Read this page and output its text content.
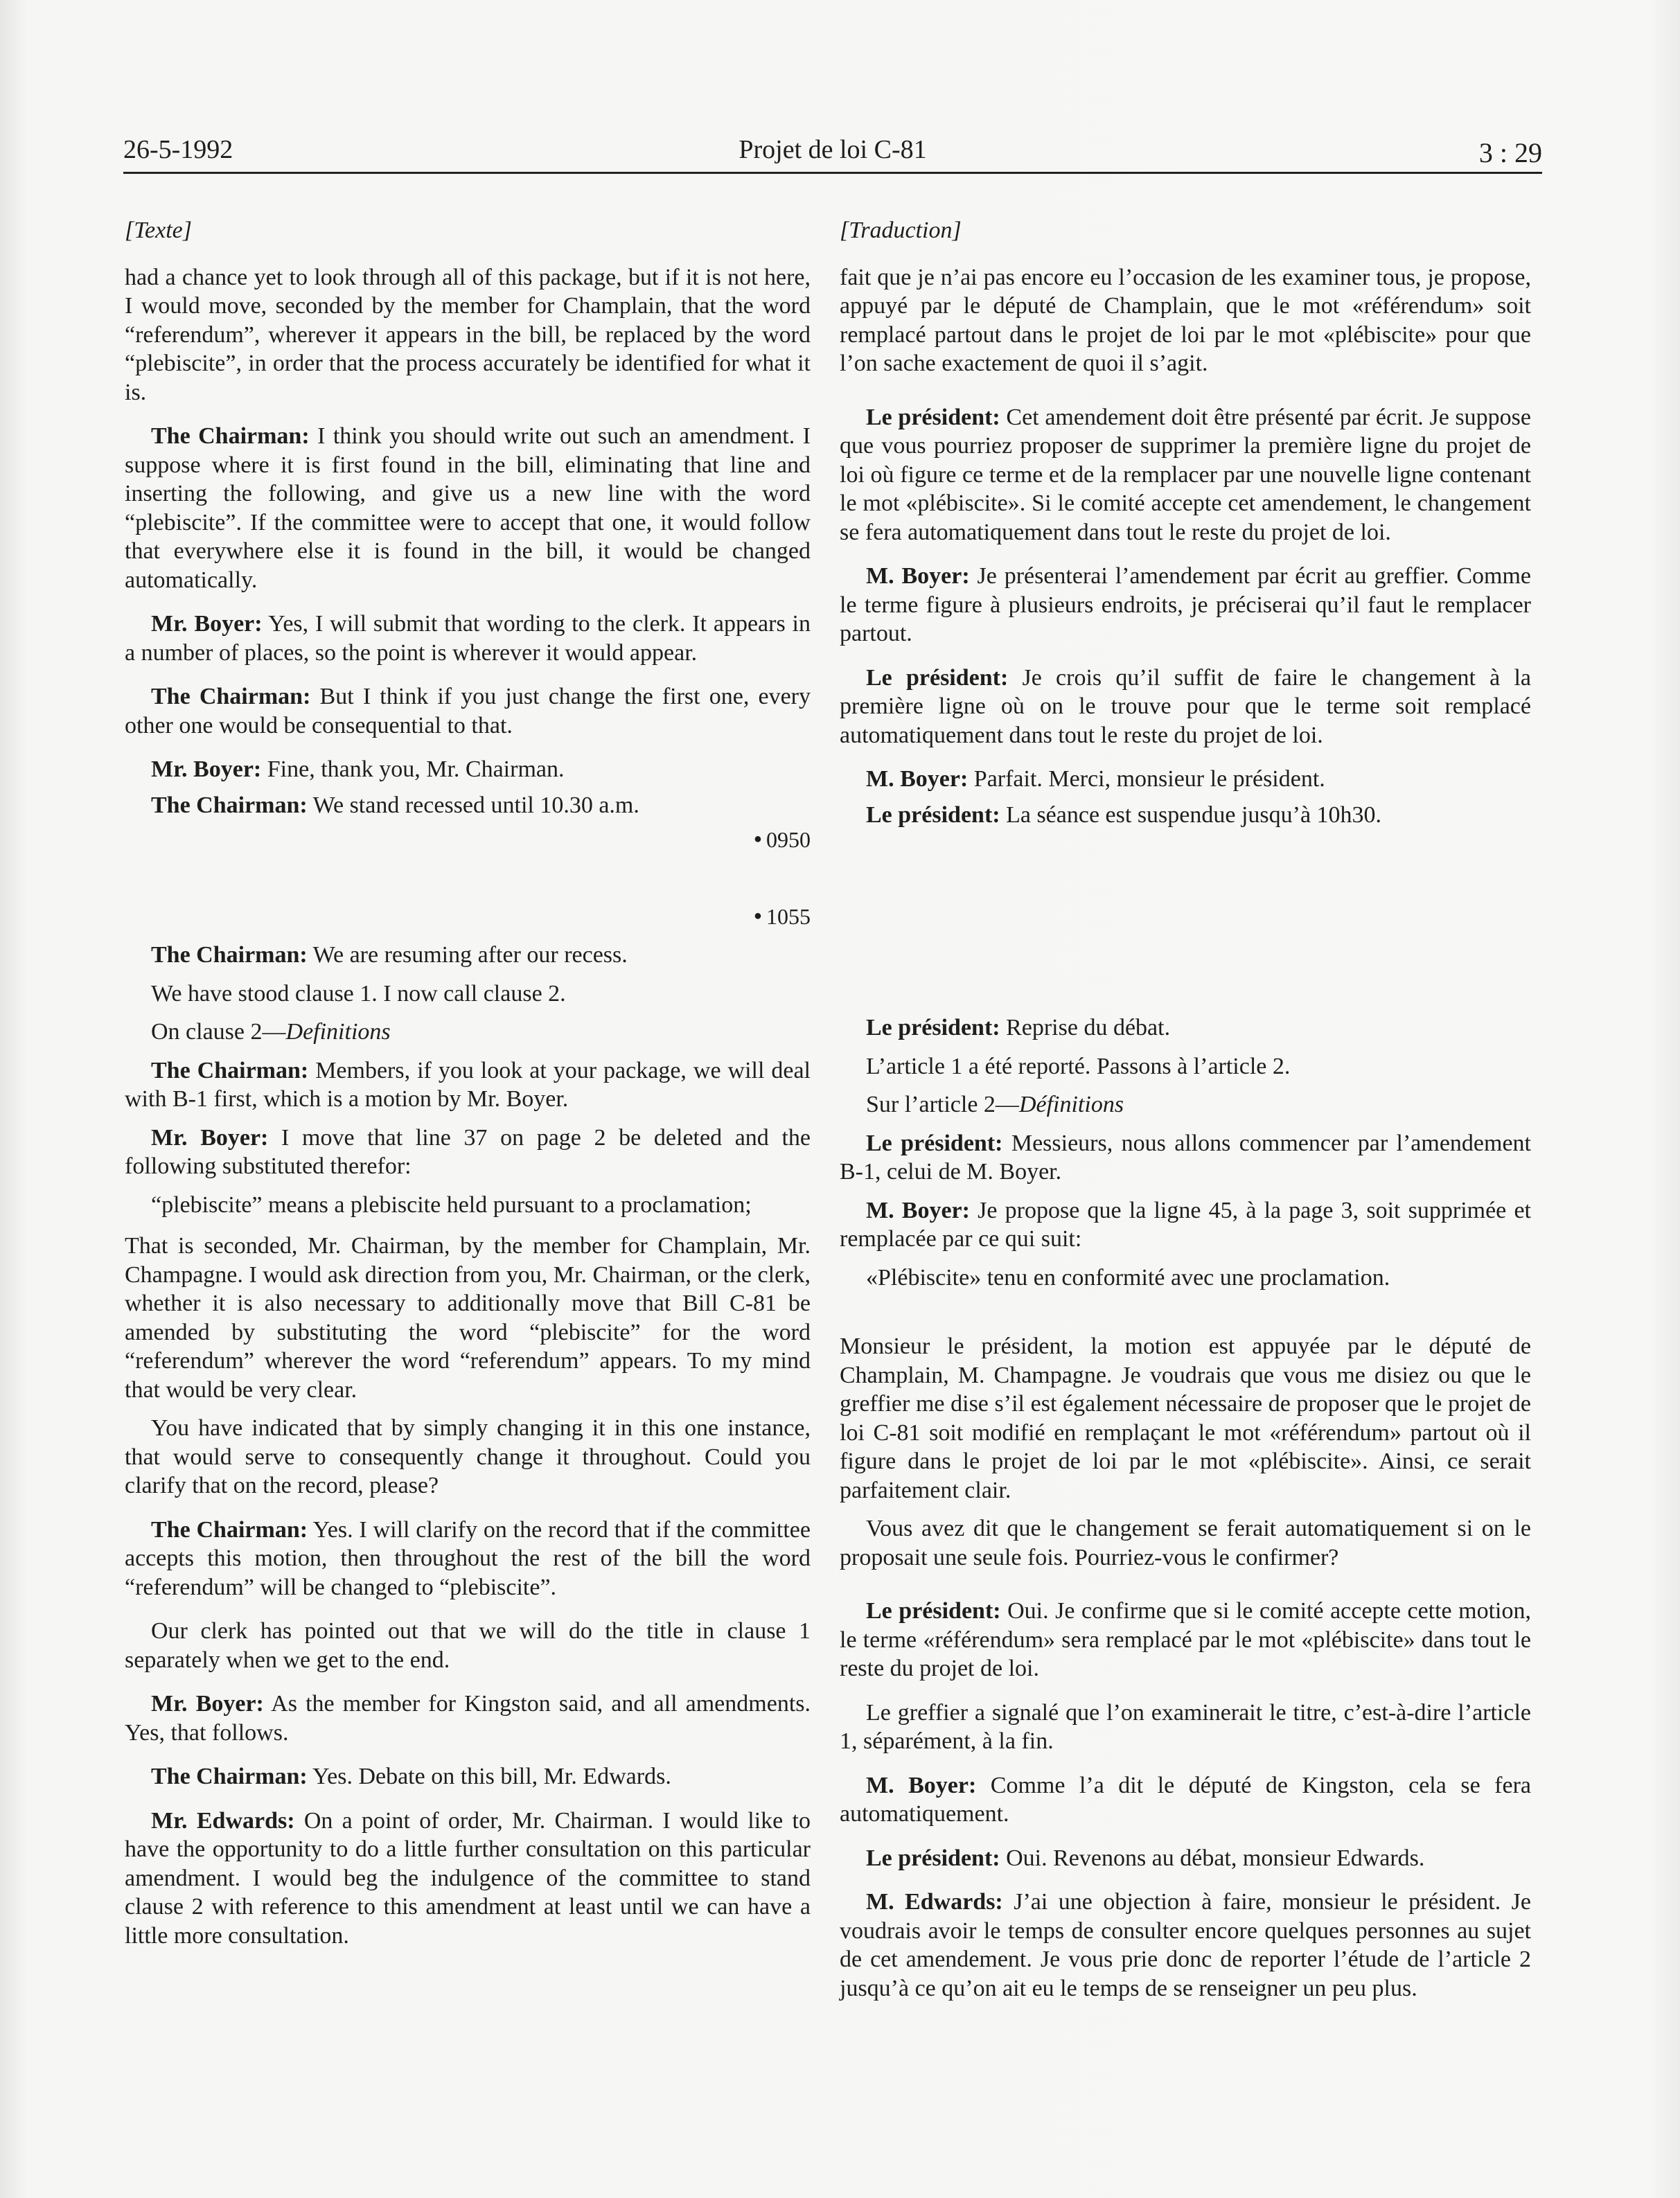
26-5-1992	Projet de loi C-81	3 : 29
[Texte]

had a chance yet to look through all of this package, but if it is not here, I would move, seconded by the member for Champlain, that the word “referendum”, wherever it appears in the bill, be replaced by the word “plebiscite”, in order that the process accurately be identified for what it is.

The Chairman: I think you should write out such an amendment. I suppose where it is first found in the bill, eliminating that line and inserting the following, and give us a new line with the word “plebiscite”. If the committee were to accept that one, it would follow that everywhere else it is found in the bill, it would be changed automatically.

Mr. Boyer: Yes, I will submit that wording to the clerk. It appears in a number of places, so the point is wherever it would appear.

The Chairman: But I think if you just change the first one, every other one would be consequential to that.

Mr. Boyer: Fine, thank you, Mr. Chairman.

The Chairman: We stand recessed until 10.30 a.m.

● 0950
● 1055

The Chairman: We are resuming after our recess.

We have stood clause 1. I now call clause 2.

On clause 2—Definitions

The Chairman: Members, if you look at your package, we will deal with B-1 first, which is a motion by Mr. Boyer.

Mr. Boyer: I move that line 37 on page 2 be deleted and the following substituted therefor:

“plebiscite” means a plebiscite held pursuant to a proclamation;

That is seconded, Mr. Chairman, by the member for Champlain, Mr. Champagne. I would ask direction from you, Mr. Chairman, or the clerk, whether it is also necessary to additionally move that Bill C-81 be amended by substituting the word “plebiscite” for the word “referendum” wherever the word “referendum” appears. To my mind that would be very clear.

You have indicated that by simply changing it in this one instance, that would serve to consequently change it throughout. Could you clarify that on the record, please?

The Chairman: Yes. I will clarify on the record that if the committee accepts this motion, then throughout the rest of the bill the word “referendum” will be changed to “plebiscite”.

Our clerk has pointed out that we will do the title in clause 1 separately when we get to the end.

Mr. Boyer: As the member for Kingston said, and all amendments. Yes, that follows.

The Chairman: Yes. Debate on this bill, Mr. Edwards.

Mr. Edwards: On a point of order, Mr. Chairman. I would like to have the opportunity to do a little further consultation on this particular amendment. I would beg the indulgence of the committee to stand clause 2 with reference to this amendment at least until we can have a little more consultation.

[Traduction]

fait que je n’ai pas encore eu l’occasion de les examiner tous, je propose, appuyé par le député de Champlain, que le mot «référendum» soit remplacé partout dans le projet de loi par le mot «plébiscite» pour que l’on sache exactement de quoi il s’agit.

Le président: Cet amendement doit être présenté par écrit. Je suppose que vous pourriez proposer de supprimer la première ligne du projet de loi où figure ce terme et de la remplacer par une nouvelle ligne contenant le mot «plébiscite». Si le comité accepte cet amendement, le changement se fera automatiquement dans tout le reste du projet de loi.

M. Boyer: Je présenterai l’amendement par écrit au greffier. Comme le terme figure à plusieurs endroits, je préciserai qu’il faut le remplacer partout.

Le président: Je crois qu’il suffit de faire le changement à la première ligne où on le trouve pour que le terme soit remplacé automatiquement dans tout le reste du projet de loi.

M. Boyer: Parfait. Merci, monsieur le président.

Le président: La séance est suspendue jusqu’à 10h30.

Le président: Reprise du débat.

L’article 1 a été reporté. Passons à l’article 2.

Sur l’article 2—Définitions

Le président: Messieurs, nous allons commencer par l’amendement B-1, celui de M. Boyer.

M. Boyer: Je propose que la ligne 45, à la page 3, soit supprimée et remplacée par ce qui suit:

«Plébiscite» tenu en conformité avec une proclamation.

Monsieur le président, la motion est appuyée par le député de Champlain, M. Champagne. Je voudrais que vous me disiez ou que le greffier me dise s’il est également nécessaire de proposer que le projet de loi C-81 soit modifié en remplaçant le mot «référendum» partout où il figure dans le projet de loi par le mot «plébiscite». Ainsi, ce serait parfaitement clair.

Vous avez dit que le changement se ferait automatiquement si on le proposait une seule fois. Pourriez-vous le confirmer?

Le président: Oui. Je confirme que si le comité accepte cette motion, le terme «référendum» sera remplacé par le mot «plébiscite» dans tout le reste du projet de loi.

Le greffier a signalé que l’on examinerait le titre, c’est-à-dire l’article 1, séparément, à la fin.

M. Boyer: Comme l’a dit le député de Kingston, cela se fera automatiquement.

Le président: Oui. Revenons au débat, monsieur Edwards.

M. Edwards: J’ai une objection à faire, monsieur le président. Je voudrais avoir le temps de consulter encore quelques personnes au sujet de cet amendement. Je vous prie donc de reporter l’étude de l’article 2 jusqu’à ce qu’on ait eu le temps de se renseigner un peu plus.
